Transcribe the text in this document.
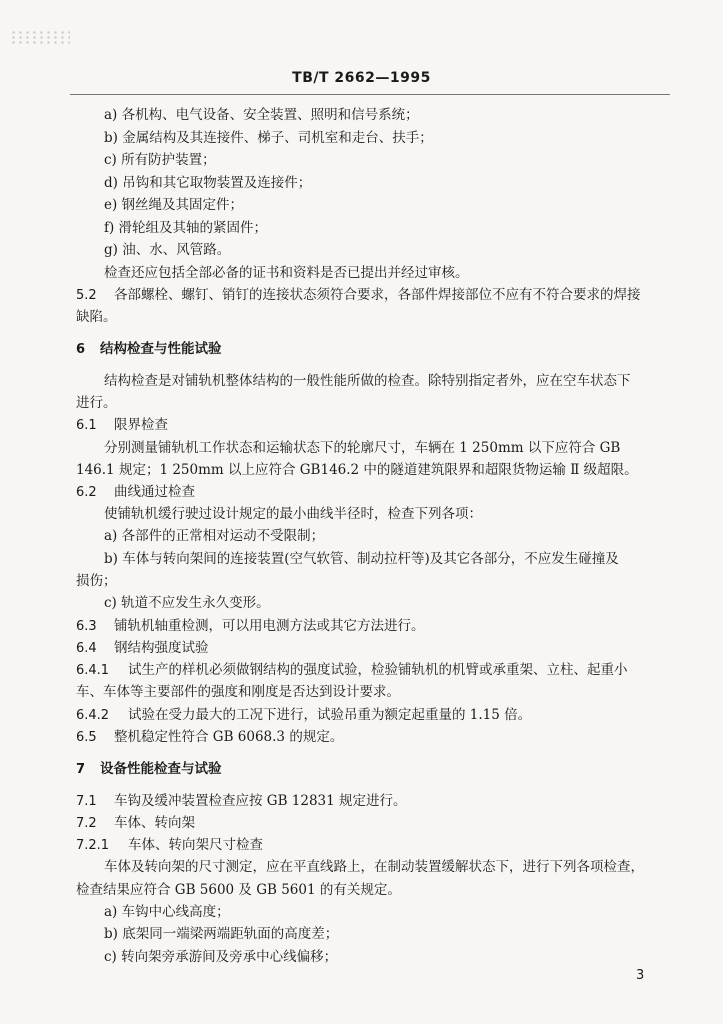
TB/T 2662—1995
a) 各机构、电气设备、安全装置、照明和信号系统；
b) 金属结构及其连接件、梯子、司机室和走台、扶手；
c) 所有防护装置；
d) 吊钩和其它取物装置及连接件；
e) 钢丝绳及其固定件；
f) 滑轮组及其轴的紧固件；
g) 油、水、风管路。
检查还应包括全部必备的证书和资料是否已提出并经过审核。
5.2 各部螺栓、螺钉、销钉的连接状态须符合要求，各部件焊接部位不应有不符合要求的焊接
缺陷。
6 结构检查与性能试验
结构检查是对铺轨机整体结构的一般性能所做的检查。除特别指定者外，应在空车状态下
进行。
6.1 限界检查
分别测量铺轨机工作状态和运输状态下的轮廓尺寸，车辆在 1 250mm 以下应符合 GB
146.1 规定；1 250mm 以上应符合 GB146.2 中的隧道建筑限界和超限货物运输 Ⅱ 级超限。
6.2 曲线通过检查
使铺轨机缓行驶过设计规定的最小曲线半径时，检查下列各项：
a) 各部件的正常相对运动不受限制；
b) 车体与转向架间的连接装置(空气软管、制动拉杆等)及其它各部分，不应发生碰撞及
损伤；
c) 轨道不应发生永久变形。
6.3 铺轨机轴重检测，可以用电测方法或其它方法进行。
6.4 钢结构强度试验
6.4.1 试生产的样机必须做钢结构的强度试验，检验铺轨机的机臂或承重架、立柱、起重小
车、车体等主要部件的强度和刚度是否达到设计要求。
6.4.2 试验在受力最大的工况下进行，试验吊重为额定起重量的 1.15 倍。
6.5 整机稳定性符合 GB 6068.3 的规定。
7 设备性能检查与试验
7.1 车钩及缓冲装置检查应按 GB 12831 规定进行。
7.2 车体、转向架
7.2.1 车体、转向架尺寸检查
车体及转向架的尺寸测定，应在平直线路上，在制动装置缓解状态下，进行下列各项检查，
检查结果应符合 GB 5600 及 GB 5601 的有关规定。
a) 车钩中心线高度；
b) 底架同一端梁两端距轨面的高度差；
c) 转向架旁承游间及旁承中心线偏移；
3
